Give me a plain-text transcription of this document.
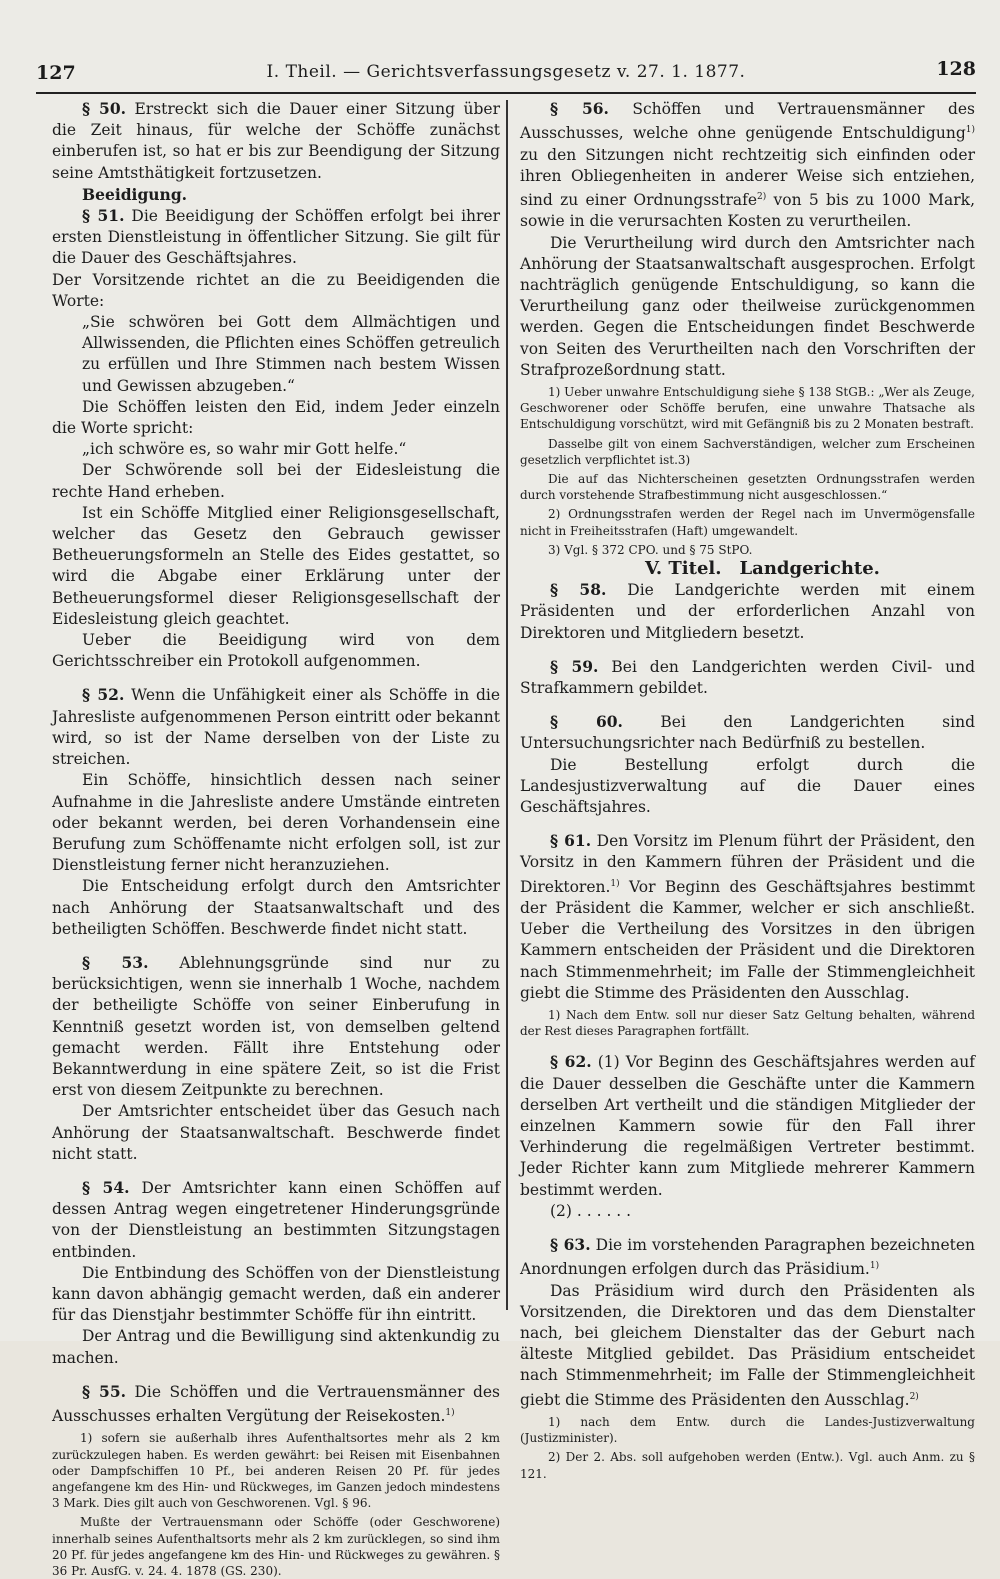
127	I. Theil. — Gerichtsverfassungsgesetz v. 27. 1. 1877.	128

§ 50. Erstreckt sich die Dauer einer Sitzung über die Zeit hinaus, für welche der Schöffe zunächst einberufen ist, so hat er bis zur Beendigung der Sitzung seine Amtsthätigkeit fortzusetzen.

Beeidigung.

§ 51. Die Beeidigung der Schöffen erfolgt bei ihrer ersten Dienstleistung in öffentlicher Sitzung. Sie gilt für die Dauer des Geschäftsjahres.

Der Vorsitzende richtet an die zu Beeidigenden die Worte:

„Sie schwören bei Gott dem Allmächtigen und Allwissenden, die Pflichten eines Schöffen getreulich zu erfüllen und Ihre Stimmen nach bestem Wissen und Gewissen abzugeben.“

Die Schöffen leisten den Eid, indem Jeder einzeln die Worte spricht:

„ich schwöre es, so wahr mir Gott helfe.“

Der Schwörende soll bei der Eidesleistung die rechte Hand erheben.

Ist ein Schöffe Mitglied einer Religionsgesellschaft, welcher das Gesetz den Gebrauch gewisser Betheuerungsformeln an Stelle des Eides gestattet, so wird die Abgabe einer Erklärung unter der Betheuerungsformel dieser Religionsgesellschaft der Eidesleistung gleich geachtet.

Ueber die Beeidigung wird von dem Gerichtsschreiber ein Protokoll aufgenommen.

§ 52. Wenn die Unfähigkeit einer als Schöffe in die Jahresliste aufgenommenen Person eintritt oder bekannt wird, so ist der Name derselben von der Liste zu streichen.

Ein Schöffe, hinsichtlich dessen nach seiner Aufnahme in die Jahresliste andere Umstände eintreten oder bekannt werden, bei deren Vorhandensein eine Berufung zum Schöffenamte nicht erfolgen soll, ist zur Dienstleistung ferner nicht heranzuziehen.

Die Entscheidung erfolgt durch den Amtsrichter nach Anhörung der Staatsanwaltschaft und des betheiligten Schöffen. Beschwerde findet nicht statt.

§ 53. Ablehnungsgründe sind nur zu berücksichtigen, wenn sie innerhalb 1 Woche, nachdem der betheiligte Schöffe von seiner Einberufung in Kenntniß gesetzt worden ist, von demselben geltend gemacht werden. Fällt ihre Entstehung oder Bekanntwerdung in eine spätere Zeit, so ist die Frist erst von diesem Zeitpunkte zu berechnen.

Der Amtsrichter entscheidet über das Gesuch nach Anhörung der Staatsanwaltschaft. Beschwerde findet nicht statt.

§ 54. Der Amtsrichter kann einen Schöffen auf dessen Antrag wegen eingetretener Hinderungsgründe von der Dienstleistung an bestimmten Sitzungstagen entbinden.

Die Entbindung des Schöffen von der Dienstleistung kann davon abhängig gemacht werden, daß ein anderer für das Dienstjahr bestimmter Schöffe für ihn eintritt.

Der Antrag und die Bewilligung sind aktenkundig zu machen.

§ 55. Die Schöffen und die Vertrauensmänner des Ausschusses erhalten Vergütung der Reisekosten.$^{1)}$

1) sofern sie außerhalb ihres Aufenthaltsortes mehr als 2 km zurückzulegen haben. Es werden gewährt: bei Reisen mit Eisenbahnen oder Dampfschiffen 10 Pf., bei anderen Reisen 20 Pf. für jedes angefangene km des Hin- und Rückweges, im Ganzen jedoch mindestens 3 Mark. Dies gilt auch von Geschworenen. Vgl. § 96.

Mußte der Vertrauensmann oder Schöffe (oder Geschworene) innerhalb seines Aufenthaltsorts mehr als 2 km zurücklegen, so sind ihm 20 Pf. für jedes angefangene km des Hin- und Rückweges zu gewähren. § 36 Pr. AusfG. v. 24. 4. 1878 (GS. 230).

§ 56. Schöffen und Vertrauensmänner des Ausschusses, welche ohne genügende Entschuldigung$^{1)}$ zu den Sitzungen nicht rechtzeitig sich einfinden oder ihren Obliegenheiten in anderer Weise sich entziehen, sind zu einer Ordnungsstrafe$^{2)}$ von 5 bis zu 1000 Mark, sowie in die verursachten Kosten zu verurtheilen.

Die Verurtheilung wird durch den Amtsrichter nach Anhörung der Staatsanwaltschaft ausgesprochen. Erfolgt nachträglich genügende Entschuldigung, so kann die Verurtheilung ganz oder theilweise zurückgenommen werden. Gegen die Entscheidungen findet Beschwerde von Seiten des Verurtheilten nach den Vorschriften der Strafprozeßordnung statt.

1) Ueber unwahre Entschuldigung siehe § 138 StGB.: „Wer als Zeuge, Geschworener oder Schöffe berufen, eine unwahre Thatsache als Entschuldigung vorschützt, wird mit Gefängniß bis zu 2 Monaten bestraft.

Dasselbe gilt von einem Sachverständigen, welcher zum Erscheinen gesetzlich verpflichtet ist.3)

Die auf das Nichterscheinen gesetzten Ordnungsstrafen werden durch vorstehende Strafbestimmung nicht ausgeschlossen.“

2) Ordnungsstrafen werden der Regel nach im Unvermögensfalle nicht in Freiheitsstrafen (Haft) umgewandelt.

3) Vgl. § 372 CPO. und § 75 StPO.

V. Titel. Landgerichte.

§ 58. Die Landgerichte werden mit einem Präsidenten und der erforderlichen Anzahl von Direktoren und Mitgliedern besetzt.

§ 59. Bei den Landgerichten werden Civil- und Strafkammern gebildet.

§ 60. Bei den Landgerichten sind Untersuchungsrichter nach Bedürfniß zu bestellen.

Die Bestellung erfolgt durch die Landesjustizverwaltung auf die Dauer eines Geschäftsjahres.

§ 61. Den Vorsitz im Plenum führt der Präsident, den Vorsitz in den Kammern führen der Präsident und die Direktoren.$^{1)}$ Vor Beginn des Geschäftsjahres bestimmt der Präsident die Kammer, welcher er sich anschließt. Ueber die Vertheilung des Vorsitzes in den übrigen Kammern entscheiden der Präsident und die Direktoren nach Stimmenmehrheit; im Falle der Stimmengleichheit giebt die Stimme des Präsidenten den Ausschlag.

1) Nach dem Entw. soll nur dieser Satz Geltung behalten, während der Rest dieses Paragraphen fortfällt.

§ 62. (1) Vor Beginn des Geschäftsjahres werden auf die Dauer desselben die Geschäfte unter die Kammern derselben Art vertheilt und die ständigen Mitglieder der einzelnen Kammern sowie für den Fall ihrer Verhinderung die regelmäßigen Vertreter bestimmt. Jeder Richter kann zum Mitgliede mehrerer Kammern bestimmt werden.

(2) . . . . . .

§ 63. Die im vorstehenden Paragraphen bezeichneten Anordnungen erfolgen durch das Präsidium.$^{1)}$

Das Präsidium wird durch den Präsidenten als Vorsitzenden, die Direktoren und das dem Dienstalter nach, bei gleichem Dienstalter das der Geburt nach älteste Mitglied gebildet. Das Präsidium entscheidet nach Stimmenmehrheit; im Falle der Stimmengleichheit giebt die Stimme des Präsidenten den Ausschlag.$^{2)}$

1) nach dem Entw. durch die Landes-Justizverwaltung (Justizminister).

2) Der 2. Abs. soll aufgehoben werden (Entw.). Vgl. auch Anm. zu § 121.
